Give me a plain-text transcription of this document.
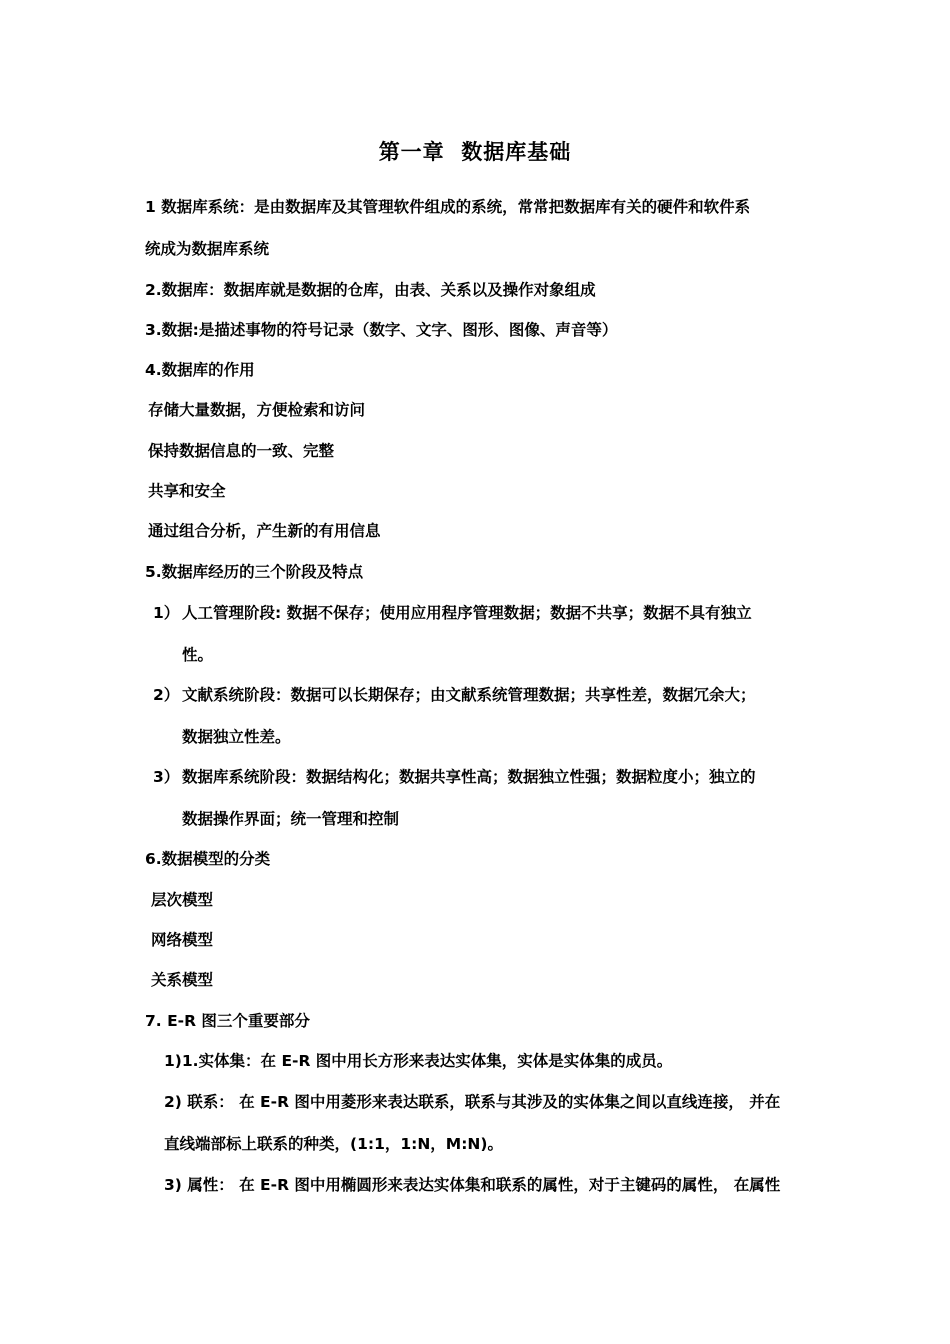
第一章  数据库基础
1 数据库系统：是由数据库及其管理软件组成的系统，常常把数据库有关的硬件和软件系
统成为数据库系统
2.数据库：数据库就是数据的仓库，由表、关系以及操作对象组成
3.数据:是描述事物的符号记录（数字、文字、图形、图像、声音等）
4.数据库的作用
存储大量数据，方便检索和访问
保持数据信息的一致、完整
共享和安全
通过组合分析，产生新的有用信息
5.数据库经历的三个阶段及特点
1） 人工管理阶段: 数据不保存；使用应用程序管理数据；数据不共享；数据不具有独立
性。
2） 文献系统阶段：数据可以长期保存；由文献系统管理数据；共享性差，数据冗余大；
数据独立性差。
3） 数据库系统阶段：数据结构化；数据共享性高；数据独立性强；数据粒度小；独立的
数据操作界面；统一管理和控制
6.数据模型的分类
层次模型
网络模型
关系模型
7. E-R 图三个重要部分
1)1.实体集：在 E-R 图中用长方形来表达实体集，实体是实体集的成员。
2) 联系： 在 E-R 图中用菱形来表达联系，联系与其涉及的实体集之间以直线连接， 并在
直线端部标上联系的种类，(1:1，1:N，M:N)。
3) 属性： 在 E-R 图中用椭圆形来表达实体集和联系的属性，对于主键码的属性， 在属性
